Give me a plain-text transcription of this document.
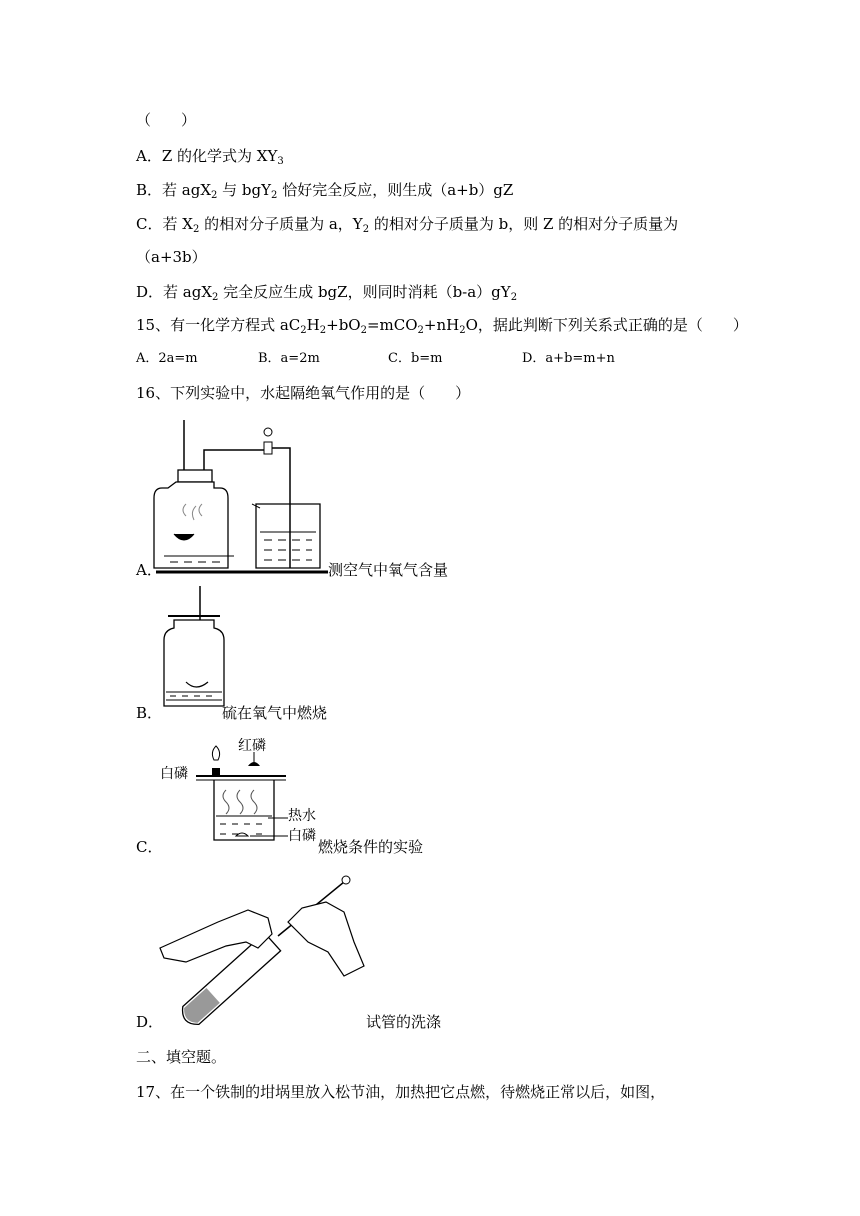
（　　）
A．Z 的化学式为 $XY_3$
B．若 agX$_2$ 与 bgY$_2$ 恰好完全反应，则生成（a+b）gZ
C．若 $X_2$ 的相对分子质量为 a，$Y_2$ 的相对分子质量为 b，则 Z 的相对分子质量为
（a+3b）
D．若 agX$_2$ 完全反应生成 bgZ，则同时消耗$(b-a)gY_2$
15、有一化学方程式 $aC_2H_2+bO_2=mCO_2+nH_2O$，据此判断下列关系式正确的是（　　）
A．2a=m	B．a=2m	C．b=m	D．a+b=m+n
16、下列实验中，水起隔绝氧气作用的是（　　）
A．	测空气中氧气含量
B．	硫在氧气中燃烧
红磷
白磷
热水
白磷
C．	燃烧条件的实验
D．	试管的洗涤
二、填空题。
17、在一个铁制的坩埚里放入松节油，加热把它点燃，待燃烧正常以后，如图，
